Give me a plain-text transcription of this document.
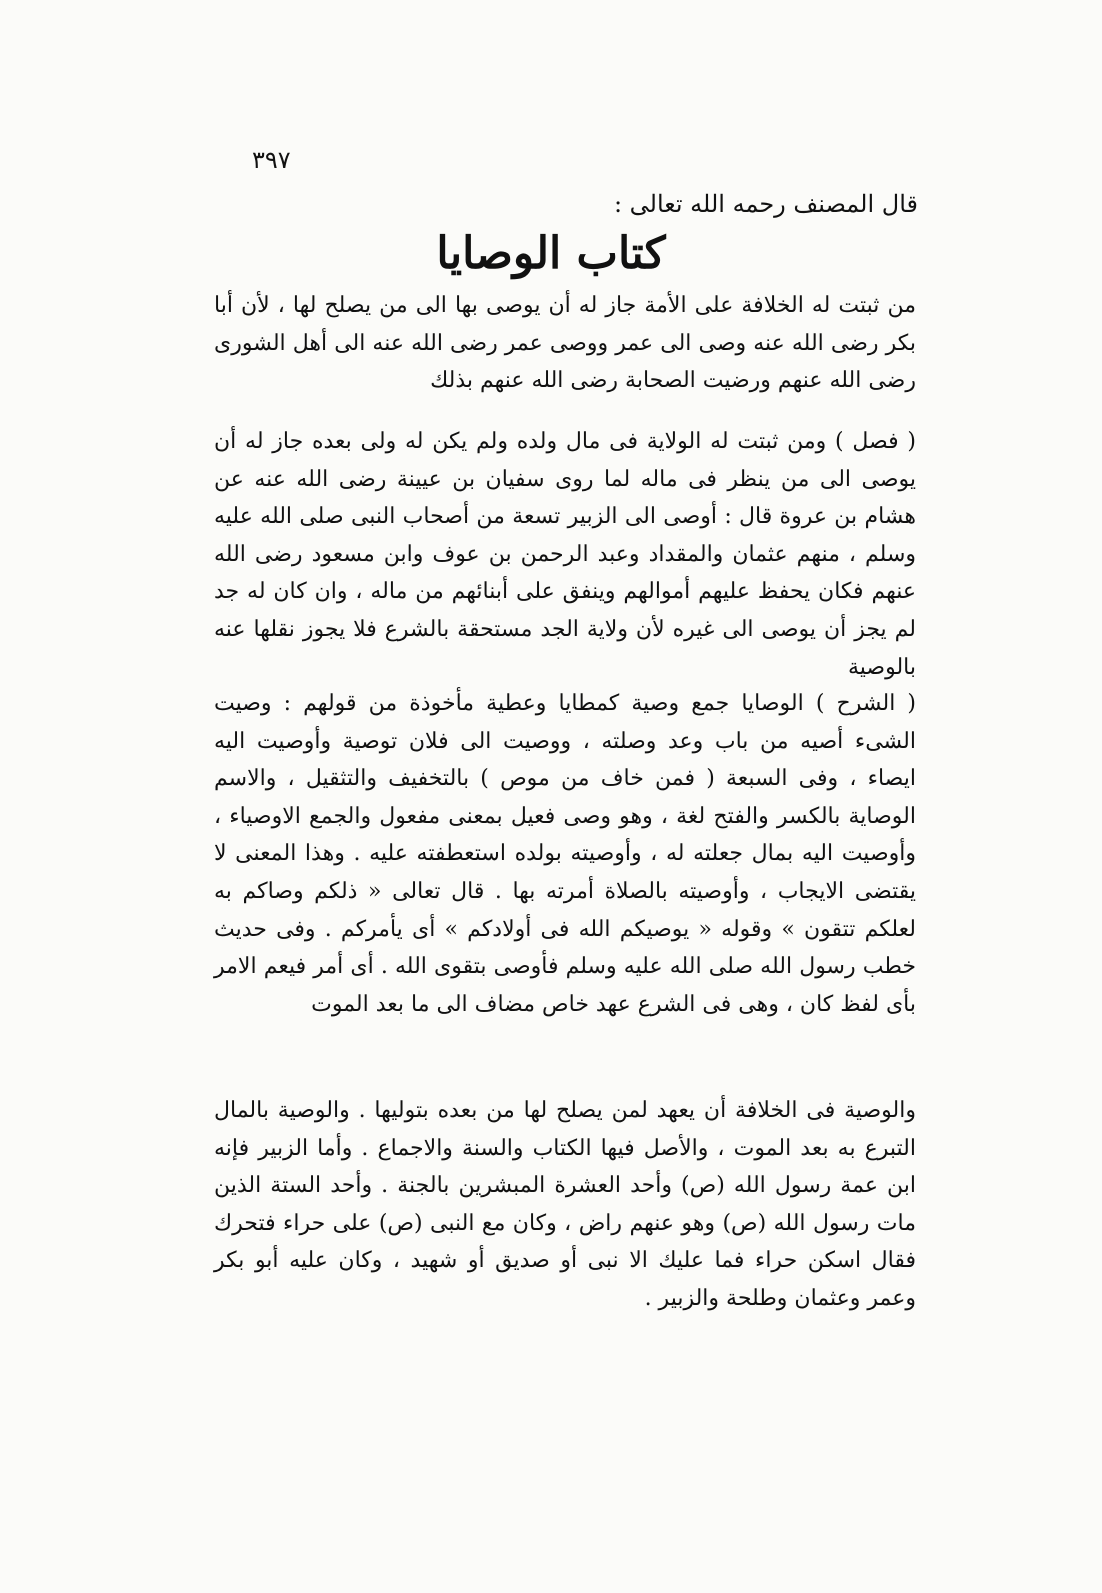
٣٩٧
قال المصنف رحمه الله تعالى :
كتاب الوصايا

من ثبتت له الخلافة على الأمة جاز له أن يوصى بها الى من يصلح لها ، لأن أبا بكر رضى الله عنه وصى الى عمر ووصى عمر رضى الله عنه الى أهل الشورى رضى الله عنهم ورضيت الصحابة رضى الله عنهم بذلك

( فصل ) ومن ثبتت له الولاية فى مال ولده ولم يكن له ولى بعده جاز له أن يوصى الى من ينظر فى ماله لما روى سفيان بن عيينة رضى الله عنه عن هشام بن عروة قال : أوصى الى الزبير تسعة من أصحاب النبى صلى الله عليه وسلم ، منهم عثمان والمقداد وعبد الرحمن بن عوف وابن مسعود رضى الله عنهم فكان يحفظ عليهم أموالهم وينفق على أبنائهم من ماله ، وان كان له جد لم يجز أن يوصى الى غيره لأن ولاية الجد مستحقة بالشرع فلا يجوز نقلها عنه بالوصية

( الشرح ) الوصايا جمع وصية كمطايا وعطية مأخوذة من قولهم : وصيت الشىء أصيه من باب وعد وصلته ، ووصيت الى فلان توصية وأوصيت اليه ايصاء ، وفى السبعة ( فمن خاف من موص ) بالتخفيف والتثقيل ، والاسم الوصاية بالكسر والفتح لغة ، وهو وصى فعيل بمعنى مفعول والجمع الاوصياء ، وأوصيت اليه بمال جعلته له ، وأوصيته بولده استعطفته عليه . وهذا المعنى لا يقتضى الايجاب ، وأوصيته بالصلاة أمرته بها . قال تعالى « ذلكم وصاكم به لعلكم تتقون » وقوله « يوصيكم الله فى أولادكم » أى يأمركم . وفى حديث خطب رسول الله صلى الله عليه وسلم فأوصى بتقوى الله . أى أمر فيعم الامر بأى لفظ كان ، وهى فى الشرع عهد خاص مضاف الى ما بعد الموت

والوصية فى الخلافة أن يعهد لمن يصلح لها من بعده بتوليها . والوصية بالمال التبرع به بعد الموت ، والأصل فيها الكتاب والسنة والاجماع . وأما الزبير فإنه ابن عمة رسول الله (ص) وأحد العشرة المبشرين بالجنة . وأحد الستة الذين مات رسول الله (ص) وهو عنهم راض ، وكان مع النبى (ص) على حراء فتحرك فقال اسكن حراء فما عليك الا نبى أو صديق أو شهيد ، وكان عليه أبو بكر وعمر وعثمان وطلحة والزبير .
